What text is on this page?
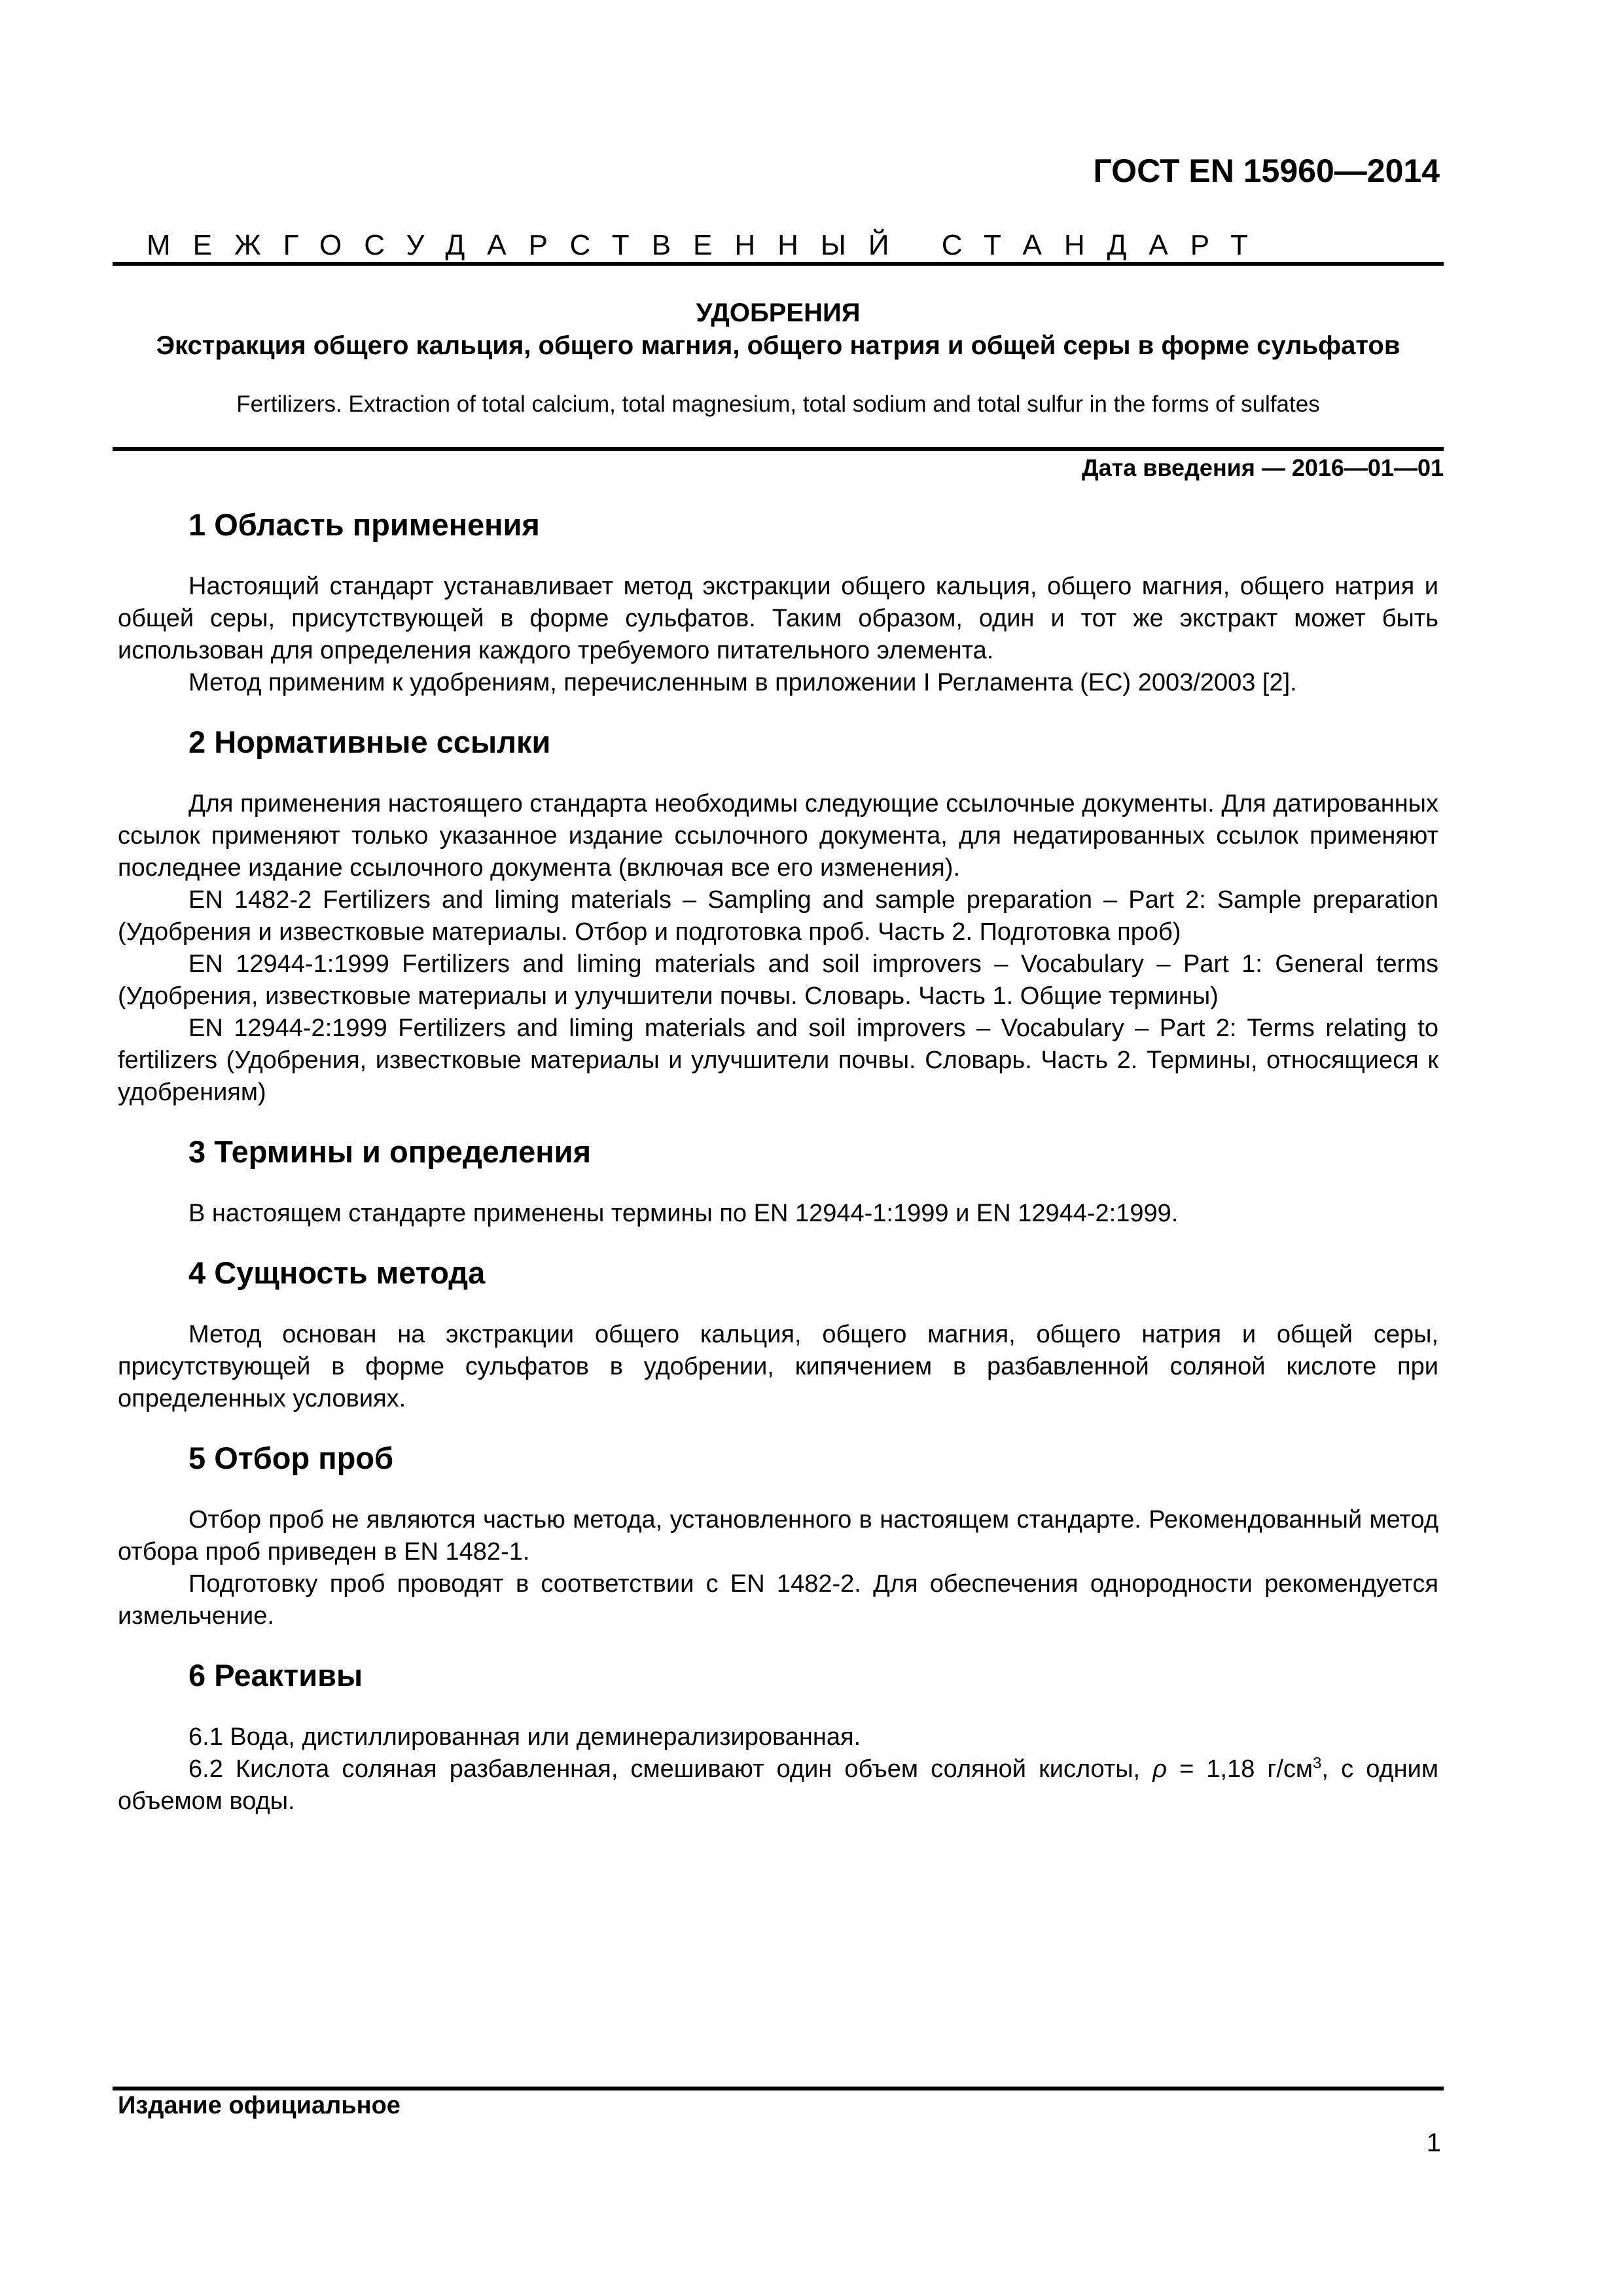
ГОСТ EN 15960—2014

МЕЖГОСУДАРСТВЕННЫЙ СТАНДАРТ

УДОБРЕНИЯ

Экстракция общего кальция, общего магния, общего натрия и общей серы в форме сульфатов

Fertilizers. Extraction of total calcium, total magnesium, total sodium and total sulfur in the forms of sulfates

Дата введения — 2016—01—01

1 Область применения

Настоящий стандарт устанавливает метод экстракции общего кальция, общего магния, общего натрия и общей серы, присутствующей в форме сульфатов. Таким образом, один и тот же экстракт может быть использован для определения каждого требуемого питательного элемента.

Метод применим к удобрениям, перечисленным в приложении I Регламента (ЕС) 2003/2003 [2].

2 Нормативные ссылки

Для применения настоящего стандарта необходимы следующие ссылочные документы. Для датированных ссылок применяют только указанное издание ссылочного документа, для недатированных ссылок применяют последнее издание ссылочного документа (включая все его изменения).

EN 1482-2 Fertilizers and liming materials – Sampling and sample preparation – Part 2: Sample preparation (Удобрения и известковые материалы. Отбор и подготовка проб. Часть 2. Подготовка проб)

EN 12944-1:1999 Fertilizers and liming materials and soil improvers – Vocabulary – Part 1: General terms (Удобрения, известковые материалы и улучшители почвы. Словарь. Часть 1. Общие термины)

EN 12944-2:1999 Fertilizers and liming materials and soil improvers – Vocabulary – Part 2: Terms relating to fertilizers (Удобрения, известковые материалы и улучшители почвы. Словарь. Часть 2. Термины, относящиеся к удобрениям)

3 Термины и определения

В настоящем стандарте применены термины по EN 12944-1:1999 и EN 12944-2:1999.

4 Сущность метода

Метод основан на экстракции общего кальция, общего магния, общего натрия и общей серы, присутствующей в форме сульфатов в удобрении, кипячением в разбавленной соляной кислоте при определенных условиях.

5 Отбор проб

Отбор проб не являются частью метода, установленного в настоящем стандарте. Рекомендованный метод отбора проб приведен в EN 1482-1.

Подготовку проб проводят в соответствии с EN 1482-2. Для обеспечения однородности рекомендуется измельчение.

6 Реактивы

6.1 Вода, дистиллированная или деминерализированная.

6.2 Кислота соляная разбавленная, смешивают один объем соляной кислоты, ρ = 1,18 $г/см^3$, с одним объемом воды.

Издание официальное

1
